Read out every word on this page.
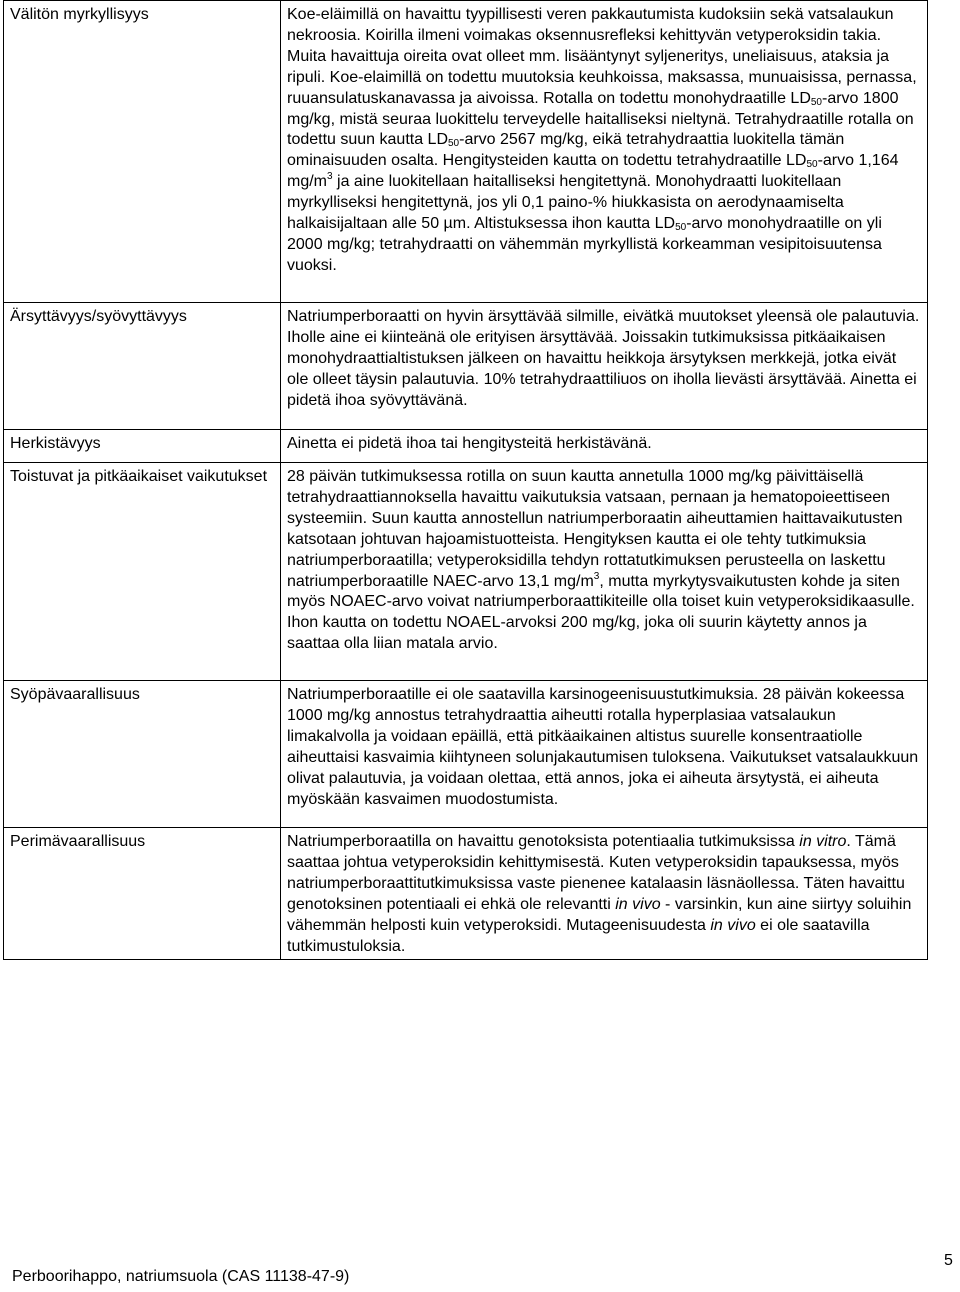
Välitön myrkyllisyys	Koe-eläimillä on havaittu tyypillisesti veren pakkautumista kudoksiin sekä vatsalaukun nekroosia. Koirilla ilmeni voimakas oksennusrefleksi kehittyvän vetyperoksidin takia. Muita havaittuja oireita ovat olleet mm. lisääntynyt syljeneritys, uneliaisuus, ataksia ja ripuli. Koe-elaimillä on todettu muutoksia keuhkoissa, maksassa, munuaisissa, pernassa, ruuansulatuskanavassa ja aivoissa. Rotalla on todettu monohydraatille $LD_{50}$-arvo 1800 mg/kg, mistä seuraa luokittelu terveydelle haitalliseksi nieltynä. Tetrahydraatille rotalla on todettu suun kautta $LD_{50}$-arvo 2567 mg/kg, eikä tetrahydraattia luokitella tämän ominaisuuden osalta. Hengitysteiden kautta on todettu tetrahydraatille $LD_{50}$-arvo 1,164 $mg/m^3$ ja aine luokitellaan haitalliseksi hengitettynä. Monohydraatti luokitellaan myrkylliseksi hengitettynä, jos yli 0,1 paino-% hiukkasista on aerodynaamiselta halkaisijaltaan alle 50 µm. Altistuksessa ihon kautta $LD_{50}$-arvo monohydraatille on yli 2000 mg/kg; tetrahydraatti on vähemmän myrkyllistä korkeamman vesipitoisuutensa vuoksi.
Ärsyttävyys/syövyttävyys	Natriumperboraatti on hyvin ärsyttävää silmille, eivätkä muutokset yleensä ole palautuvia. Iholle aine ei kiinteänä ole erityisen ärsyttävää. Joissakin tutkimuksissa pitkäaikaisen monohydraattialtistuksen jälkeen on havaittu heikkoja ärsytyksen merkkejä, jotka eivät ole olleet täysin palautuvia. 10% tetrahydraattiliuos on iholla lievästi ärsyttävää. Ainetta ei pidetä ihoa syövyttävänä.
Herkistävyys	Ainetta ei pidetä ihoa tai hengitysteitä herkistävänä.
Toistuvat ja pitkäaikaiset vaikutukset	28 päivän tutkimuksessa rotilla on suun kautta annetulla 1000 mg/kg päivittäisellä tetrahydraattiannoksella havaittu vaikutuksia vatsaan, pernaan ja hematopoieettiseen systeemiin. Suun kautta annostellun natriumperboraatin aiheuttamien haittavaikutusten katsotaan johtuvan hajoamistuotteista. Hengityksen kautta ei ole tehty tutkimuksia natriumperboraatilla; vetyperoksidilla tehdyn rottatutkimuksen perusteella on laskettu natriumperboraatille NAEC-arvo 13,1 $mg/m^3$, mutta myrkytysvaikutusten kohde ja siten myös NOAEC-arvo voivat natriumperboraattikiteille olla toiset kuin vetyperoksidikaasulle. Ihon kautta on todettu NOAEL-arvoksi 200 mg/kg, joka oli suurin käytetty annos ja saattaa olla liian matala arvio.
Syöpävaarallisuus	Natriumperboraatille ei ole saatavilla karsinogeenisuustutkimuksia. 28 päivän kokeessa 1000 mg/kg annostus tetrahydraattia aiheutti rotalla hyperplasiaa vatsalaukun limakalvolla ja voidaan epäillä, että pitkäaikainen altistus suurelle konsentraatiolle aiheuttaisi kasvaimia kiihtyneen solunjakautumisen tuloksena. Vaikutukset vatsalaukkuun olivat palautuvia, ja voidaan olettaa, että annos, joka ei aiheuta ärsytystä, ei aiheuta myöskään kasvaimen muodostumista.
Perimävaarallisuus	Natriumperboraatilla on havaittu genotoksista potentiaalia tutkimuksissa in vitro. Tämä saattaa johtua vetyperoksidin kehittymisestä. Kuten vetyperoksidin tapauksessa, myös natriumperboraattitutkimuksissa vaste pienenee katalaasin läsnäollessa. Täten havaittu genotoksinen potentiaali ei ehkä ole relevantti in vivo - varsinkin, kun aine siirtyy soluihin vähemmän helposti kuin vetyperoksidi. Mutageenisuudesta in vivo ei ole saatavilla tutkimustuloksia.
5
Perboorihappo, natriumsuola (CAS 11138-47-9)
